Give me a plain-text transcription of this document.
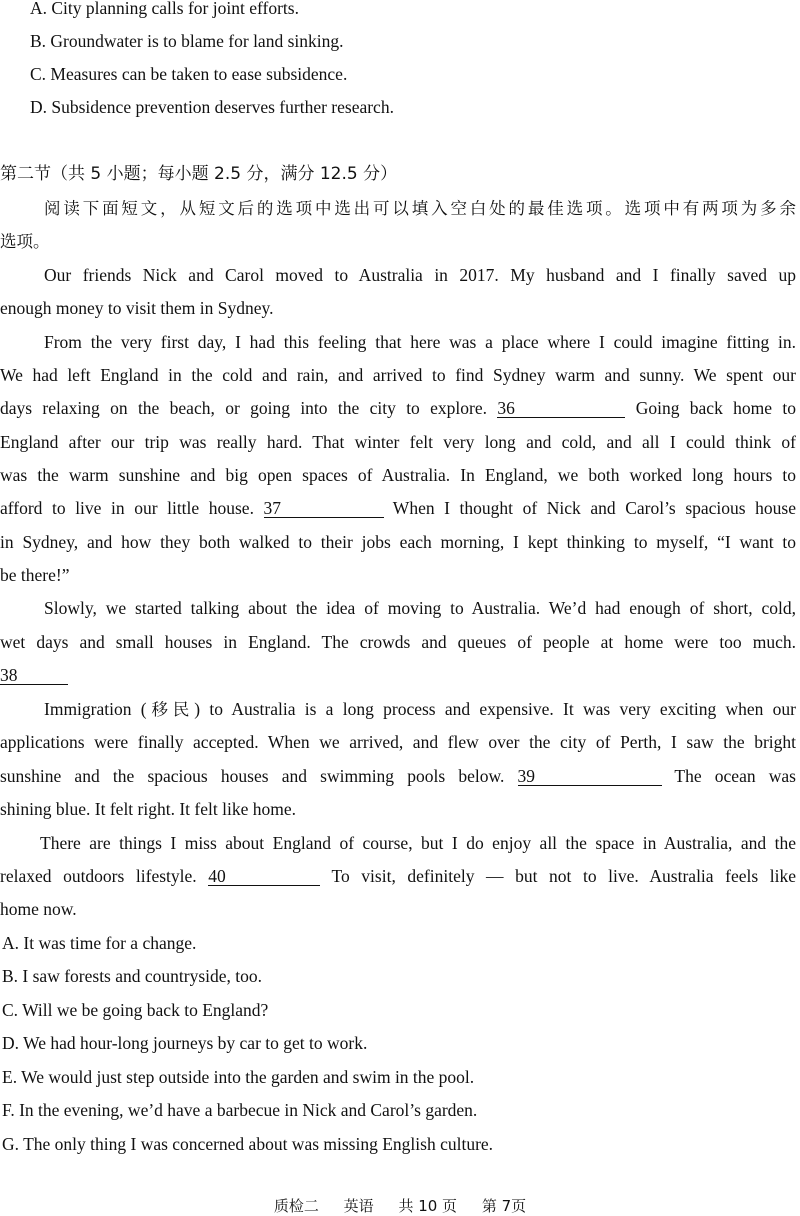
A. City planning calls for joint efforts.
B. Groundwater is to blame for land sinking.
C. Measures can be taken to ease subsidence.
D. Subsidence prevention deserves further research.
第二节（共 5 小题；每小题 2.5 分，满分 12.5 分）
阅读下面短文，从短文后的选项中选出可以填入空白处的最佳选项。选项中有两项为多余
选项。
Our friends Nick and Carol moved to Australia in 2017. My husband and I finally saved up
enough money to visit them in Sydney.
From the very first day, I had this feeling that here was a place where I could imagine fitting in.
We had left England in the cold and rain, and arrived to find Sydney warm and sunny. We spent our
days relaxing on the beach, or going into the city to explore. 36	Going back home to
England after our trip was really hard. That winter felt very long and cold, and all I could think of
was the warm sunshine and big open spaces of Australia. In England, we both worked long hours to
afford to live in our little house. 37	When I thought of Nick and Carol’s spacious house
in Sydney, and how they both walked to their jobs each morning, I kept thinking to myself, “I want to
be there!”
Slowly, we started talking about the idea of moving to Australia. We’d had enough of short, cold,
wet days and small houses in England. The crowds and queues of people at home were too much.
38
Immigration (移民) to Australia is a long process and expensive. It was very exciting when our
applications were finally accepted. When we arrived, and flew over the city of Perth, I saw the bright
sunshine and the spacious houses and swimming pools below. 39	The ocean was
shining blue. It felt right. It felt like home.
There are things I miss about England of course, but I do enjoy all the space in Australia, and the
relaxed outdoors lifestyle. 40	To visit, definitely — but not to live. Australia feels like
home now.
A. It was time for a change.
B. I saw forests and countryside, too.
C. Will we be going back to England?
D. We had hour-long journeys by car to get to work.
E. We would just step outside into the garden and swim in the pool.
F. In the evening, we’d have a barbecue in Nick and Carol’s garden.
G. The only thing I was concerned about was missing English culture.
质检二 英语 共 10 页 第 7页
